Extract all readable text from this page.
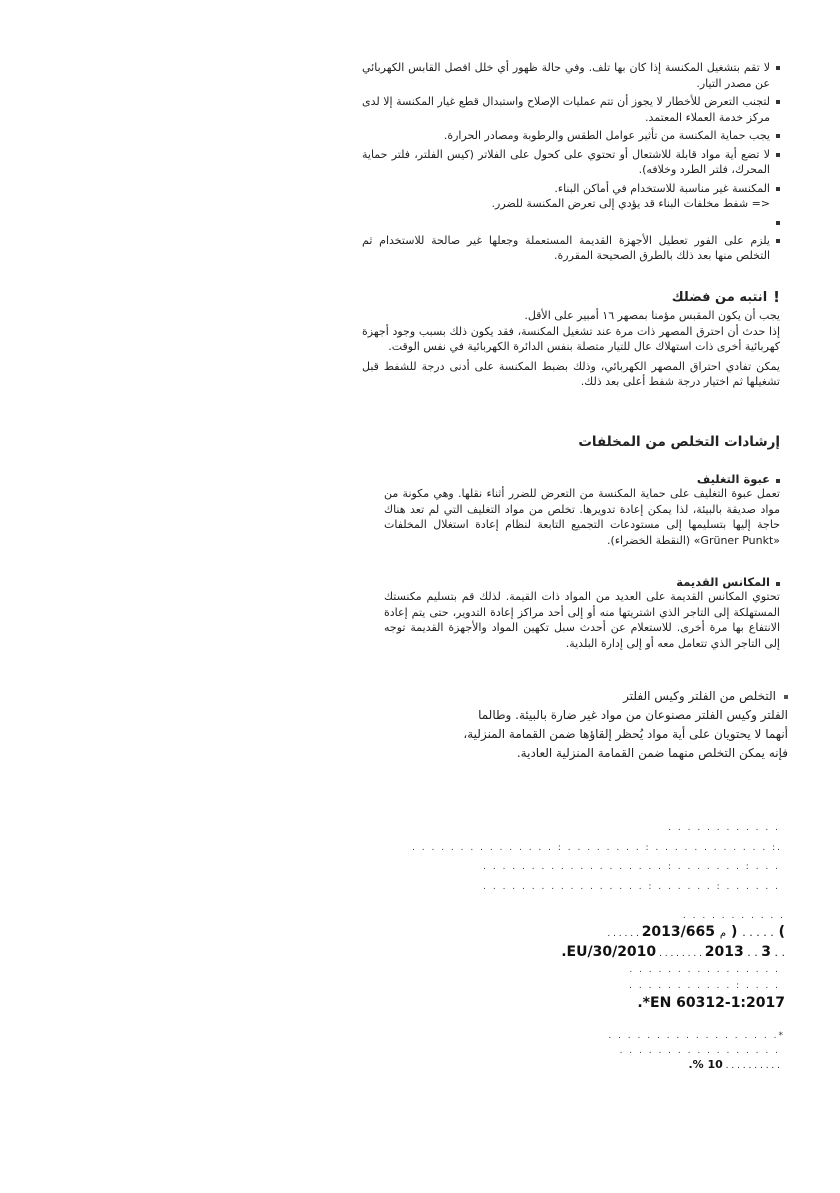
لا تقم بتشغيل المكنسة إذا كان بها تلف. وفي حالة ظهور أي خلل افصل القابس الكهربائي عن مصدر التيار.

لتجنب التعرض للأخطار لا يجوز أن تتم عمليات الإصلاح واستبدال قطع غيار المكنسة إلا لدى مركز خدمة العملاء المعتمد.

يجب حماية المكنسة من تأثير عوامل الطقس والرطوبة ومصادر الحرارة.

لا تضع أية مواد قابلة للاشتعال أو تحتوي على كحول على الفلاتر (كيس الفلتر، فلتر حماية المحرك، فلتر الطرد وخلافه).

المكنسة غير مناسبة للاستخدام في أماكن البناء.

<= شفط مخلفات البناء قد يؤدي إلى تعرض المكنسة للضرر.

يلزم على الفور تعطيل الأجهزة القديمة المستعملة وجعلها غير صالحة للاستخدام ثم التخلص منها بعد ذلك بالطرق الصحيحة المقررة.

!
انتبه من فضلك

يجب أن يكون المقبس مؤمنا بمصهر ١٦ أمبير على الأقل.

إذا حدث أن احترق المصهر ذات مرة عند تشغيل المكنسة، فقد يكون ذلك بسبب وجود أجهزة كهربائية أخرى ذات استهلاك عال للتيار متصلة بنفس الدائرة الكهربائية في نفس الوقت.

يمكن تفادي احتراق المصهر الكهربائي، وذلك بضبط المكنسة على أدنى درجة للشفط قبل تشغيلها ثم اختيار درجة شفط أعلى بعد ذلك.

إرشادات التخلص من المخلفات

عبوة التغليف

تعمل عبوة التغليف على حماية المكنسة من التعرض للضرر أثناء نقلها. وهي مكونة من مواد صديقة بالبيئة، لذا يمكن إعادة تدويرها. تخلص من مواد التغليف التي لم تعد هناك حاجة إليها بتسليمها إلى مستودعات التجميع التابعة لنظام إعادة استغلال المخلفات «Grüner Punkt» (النقطة الخضراء).

المكانس القديمة

تحتوي المكانس القديمة على العديد من المواد ذات القيمة. لذلك قم بتسليم مكنستك المستهلكة إلى التاجر الذي اشتريتها منه أو إلى أحد مراكز إعادة التدوير، حتى يتم إعادة الانتفاع بها مرة أخرى. للاستعلام عن أحدث سبل تكهين المواد والأجهزة القديمة توجه إلى التاجر الذي تتعامل معه أو إلى إدارة البلدية.

التخلص من الفلتر وكيس الفلتر
الفلتر وكيس الفلتر مصنوعان من مواد غير ضارة بالبيئة. وطالما
أنهما لا يحتويان على أية مواد يُحظر إلقاؤها ضمن القمامة المنزلية،
فإنه يمكن التخلص منهما ضمن القمامة المنزلية العادية.
. . . . . . . . . . . .
.: . . . . . . . . . . . . : . . . . . . . . : . . . . . . . . . . . . . . .
. . . : . . . . . . . : . . . . . . . . . . . . . . . . . . .
. . . . . . : . . . . . . : . . . . . . . . . . . . . . . . .
. . . . . . . . . . .
) . . . . . ( م 2013/665 . . . . . .
. . 3 . . 2013 . . . . . . . . EU/30/2010.
. . . . . . . . . . . . . . . .
. . . . : . . . . . . . . . . .
1:2017-EN 60312*.
*. . . . . . . . . . . . . . . . . .
. . . . . . . . . . . . . . . . .
. . . . . . . . . . 10 %.
